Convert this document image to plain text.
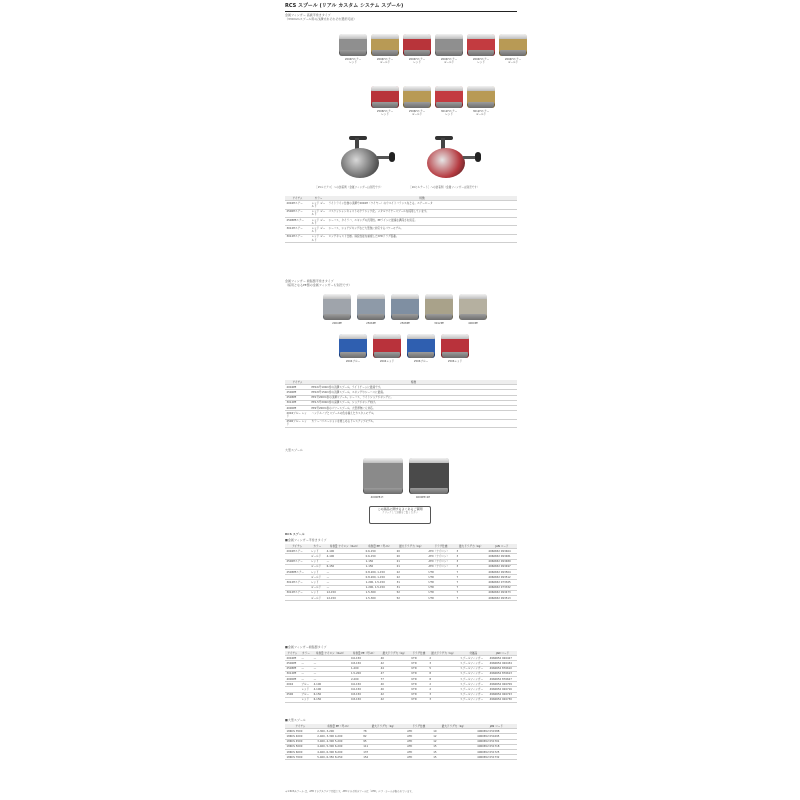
RCS スプール (リアル カスタム システム スプール)
金属フィンガー 高級平巻きタイプ
（330mmスプール用の浅溝式をそれぞれ選択可能）
2004Hエアー
レッド
2004Hエアー
ゴールド
2004Hエアー
レッド
2004Hエアー
ゴールド
2004Hエアー
レッド
2004Hエアー
ゴールド
2506Hエアー
レッド
2506Hエアー
ゴールド
3012Hエアー
レッド
3012Hエアー
ゴールド
［15ルビアス］への装着例（金属フィンガーは別売です）	［16セルテート］への装着例（金属フィンガーは別売です）
アイテム	カラー	特徴
2004Hエアー	レッド ゴールド	ライトライン仕様の浅溝で2004H（ワイヤー）のウエイトバランスをとる。エアーロータ
2506Hエアー	レッド ゴールド	パスケッシャンキャストのクラシック化。メタルワイヤースプールを採用しています。
2508PEエアー	レッド ゴールド	シーバス、タイラバ、エギングの汎用性。PEラインに最適な溝深さを設定。
3012Hエアー	レッド ゴールド	シーバス、ショアジギングなど大型魚に対応するパワーモデル。
3012Hエアー	レッド ゴールド	ロングキャスト仕様。遠投性能を重視したATDドラグ搭載。
金属フィンガー 樹脂製平巻きタイプ
（採用となるPE製の金属フィンガーも別売です）
2004PE	2506PE	2508PE	3012PE	4000PE
2004ブルー	2004レッド	2506ブルー	2506レッド
アイテム	特徴
2004PE	PE0.6号100m巻の浅溝スプール。ライトゲームに最適です。
2506PE	PE0.8号150m巻の浅溝スプール。エギングやシーバスに最適。
2508PE	PE1号200m巻の浅溝スプール。シーバス、ライトショアジギングに。
3012PE	PE1.5号200m巻の深溝スプール。ショアジギング向け。
4000PE	PE2号200m巻のパワースプール。大型青物にも対応。
2004ブルー レッド	ハンドルノブとスプールの色を揃えたカスタムモデル。
2506ブルー レッド	カラーバリエーションを楽しめるドレスアップモデル。
大型スプール
4000PE-H	4000PE-SH
この商品に関するよくあるご質問
クリックして詳細をご覧ください
RCS スプール
■金属フィンガー平巻きタイプ
アイテム	カラー	糸巻量 ナイロン（lb-m）	糸巻量 PE（号-m）	最大ドラグ力（kg）	ドラグ仕様	最大ドラグ力（kg）	JAN コード
2004Hエアー	レッド	4-100	0.6-150	20	ATD（ナイロン）	3	4960652 093464
	ゴールド	4-100	0.6-150	20	ATD（ナイロン）	3	4960652 093481
2506Hエアー	レッド	—	1-150	21	ATD（ナイロン）	3	4960652 093489
	ゴールド	6-150	1-150	21	ATD（ナイロン）	3	4960652 093497
2508PEエアー	レッド	—	0.8-200, 1-150	22	UTD	7	4960652 093504
	ゴールド	—	0.8-200, 1-150	22	UTD	7	4960652 093512
3012Hエアー	レッド	—	1-200, 1.5-150	31	UTD	7	4960652 073325
	ゴールド	—	1-200, 1.5-150	31	UTD	7	4960652 073332
3012Hエアー	レッド	12-150	1.5-300	52	UTD	7	4960652 093473
	ゴールド	12-150	1.5-300	52	UTD	7	4960652 093513
■金属フィンガー樹脂製タイプ
アイテム	カラー	糸巻量 ナイロン（lb-m）	糸巻量 PE（号-m）	最大ドラグ力（kg）	ドラグ仕様	最大ドラグ力（kg）	付属品	JAN コード
2004PE	—	—	0.6-150	40	UTD	2	スプールフィンガー	4960652 926427
2506PE	—	—	0.8-150	42	UTD	3	スプールフィンガー	4960652 926434
2508PE	—	—	1-200	44	UTD	5	スプールフィンガー	4960652 876610
3012PE	—	—	1.5-200	47	UTD	8	スプールフィンガー	4960652 876613
4000PE	—	—	2-200	77	UTD	8	スプールフィンガー	4960652 876627
2004	ブルー	4-100	0.6-150	40	UTD	2	スプールフィンガー	4960652 926709
	レッド	4-100	0.6-150	40	UTD	2	スプールフィンガー	4960652 926716
2506	ブルー	6-150	0.8-150	42	UTD	3	スプールフィンガー	4960652 926723
	レッド	6-150	0.8-150	42	UTD	3	スプールフィンガー	4960652 926730
■大型スプール
アイテム	糸巻量 PE（号-m）	最大ドラグ力（kg）	ドラグ仕様	最大ドラグ力（kg）	JAN コード
18RCS 3500	2-300, 3-200	78	ATD	10	4960652 051588
18RCS 4000	2-400, 3-300 4-200	82	ATD	12	4960652 051695
18RCS 4500	3-400, 4-300 5-200	95	ATD	12	4960652 051701
18RCS 5000	4-400, 5-300 6-200	111	ATD	15	4960652 051718
18RCS 6000	4-400, 6-300 8-200	137	ATD	15	4960652 051725
18RCS 7000	5-400, 6-350 8-250	152	ATD	15	4960652 051732
＊1 RCSスプール は、ATDドラグスプロプ仕様です。ATDリスポ用スプールは「ATD」ロゴ・シールが貼られています。
